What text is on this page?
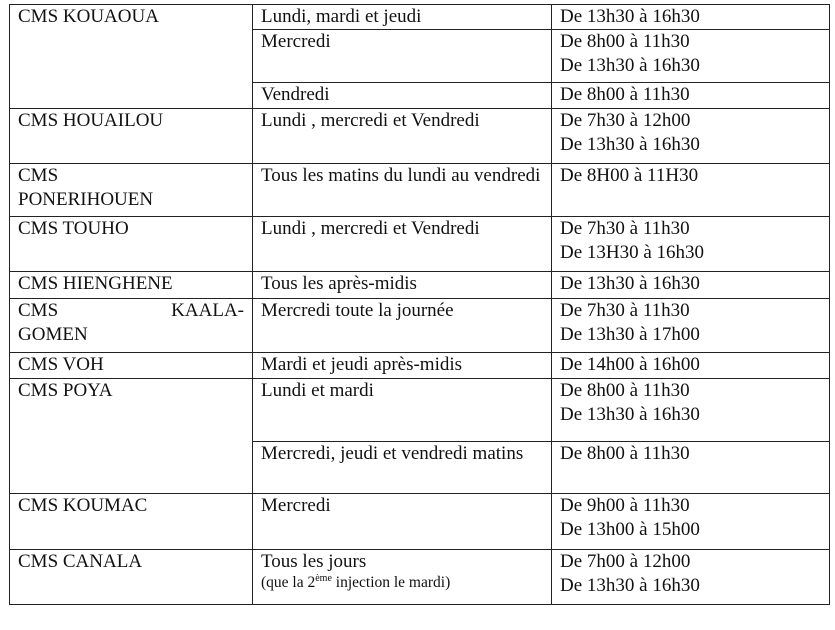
CMS KOUAOUA	Lundi, mardi et jeudi	De 13h30 à 16h30

	Mercredi	De 8h00 à 11h30
De 13h30 à 16h30

	Vendredi	De 8h00 à 11h30

CMS HOUAILOU	Lundi , mercredi et Vendredi	De 7h30 à 12h00
De 13h30 à 16h30

CMS
PONERIHOUEN	Tous les matins du lundi au vendredi	De 8H00 à 11H30

CMS TOUHO	Lundi , mercredi et Vendredi	De 7h30 à 11h30
De 13H30 à 16h30

CMS HIENGHENE	Tous les après-midis	De 13h30 à 16h30

CMS KAALA-
GOMEN	Mercredi toute la journée	De 7h30 à 11h30
De 13h30 à 17h00

CMS VOH	Mardi et jeudi après-midis	De 14h00 à 16h00

CMS POYA	Lundi et mardi	De 8h00 à 11h30
De 13h30 à 16h30

	Mercredi, jeudi et vendredi matins	De 8h00 à 11h30

CMS KOUMAC	Mercredi	De 9h00 à 11h30
De 13h00 à 15h00

CMS CANALA	Tous les jours
(que la 2ème injection le mardi)	De 7h00 à 12h00
De 13h30 à 16h30
